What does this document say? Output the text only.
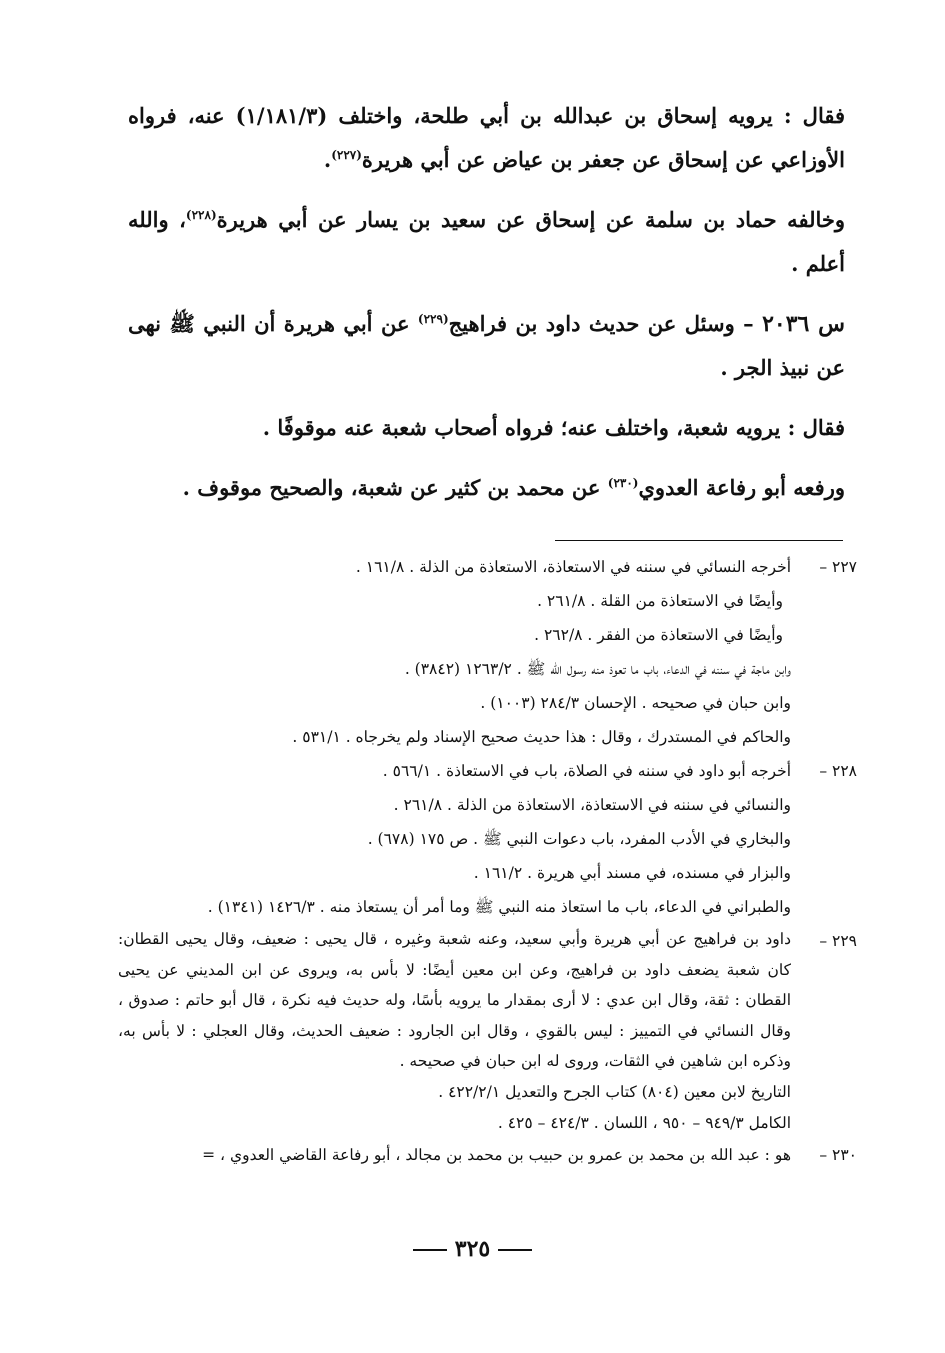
فقال : يرويه إسحاق بن عبدالله بن أبي طلحة، واختلف (١/١٨١/٣) عنه، فرواه الأوزاعي عن إسحاق عن جعفر بن عياض عن أبي هريرة$^{(٢٢٧)}$.

وخالفه حماد بن سلمة عن إسحاق عن سعيد بن يسار عن أبي هريرة$^{(٢٢٨)}$، والله أعلم .

س ٢٠٣٦ – وسئل عن حديث داود بن فراهيج$^{(٢٢٩)}$ عن أبي هريرة أن النبي ﷺ نهى عن نبيذ الجر .

فقال : يرويه شعبة، واختلف عنه؛ فرواه أصحاب شعبة عنه موقوفًا .

ورفعه أبو رفاعة العدوي$^{(٢٣٠)}$ عن محمد بن كثير عن شعبة، والصحيح موقوف .

٢٢٧ –
أخرجه النسائي في سننه في الاستعاذة، الاستعاذة من الذلة . ١٦١/٨ .
وأيضًا في الاستعاذة من القلة . ٢٦١/٨ .
وأيضًا في الاستعاذة من الفقر . ٢٦٢/٨ .
وابن ماجة في سننه في الدعاء، باب ما تعوذ منه رسول الله ﷺ . ١٢٦٣/٢ (٣٨٤٢) .
وابن حبان في صحيحه . الإحسان ٢٨٤/٣ (١٠٠٣) .
والحاكم في المستدرك ، وقال : هذا حديث صحيح الإسناد ولم يخرجاه . ٥٣١/١ .
٢٢٨ –
أخرجه أبو داود في سننه في الصلاة، باب في الاستعاذة . ٥٦٦/١ .
والنسائي في سننه في الاستعاذة، الاستعاذة من الذلة . ٢٦١/٨ .
والبخاري في الأدب المفرد، باب دعوات النبي ﷺ . ص ١٧٥ (٦٧٨) .
والبزار في مسنده، في مسند أبي هريرة . ١٦١/٢ .
والطبراني في الدعاء، باب ما استعاذ منه النبي ﷺ وما أمر أن يستعاذ منه . ١٤٢٦/٣ (١٣٤١) .
٢٢٩ –
داود بن فراهيج عن أبي هريرة وأبي سعيد، وعنه شعبة وغيره ، قال يحيى : ضعيف، وقال يحيى القطان: كان شعبة يضعف داود بن فراهيج، وعن ابن معين أيضًا: لا بأس به، ويروى عن ابن المديني عن يحيى القطان : ثقة، وقال ابن عدي : لا أرى بمقدار ما يرويه بأسًا، وله حديث فيه نكرة ، قال أبو حاتم : صدوق ، وقال النسائي في التمييز : ليس بالقوي ، وقال ابن الجارود : ضعيف الحديث، وقال العجلي : لا بأس به، وذكره ابن شاهين في الثقات، وروى له ابن حبان في صحيحه .
التاريخ لابن معين (٨٠٤) كتاب الجرح والتعديل ٤٢٢/٢/١ .
الكامل ٩٤٩/٣ – ٩٥٠ ، اللسان . ٤٢٤/٣ – ٤٢٥ .
٢٣٠ –
هو : عبد الله بن محمد بن عمرو بن حبيب بن محمد بن مجالد ، أبو رفاعة القاضي العدوي ، =
٣٢٥
